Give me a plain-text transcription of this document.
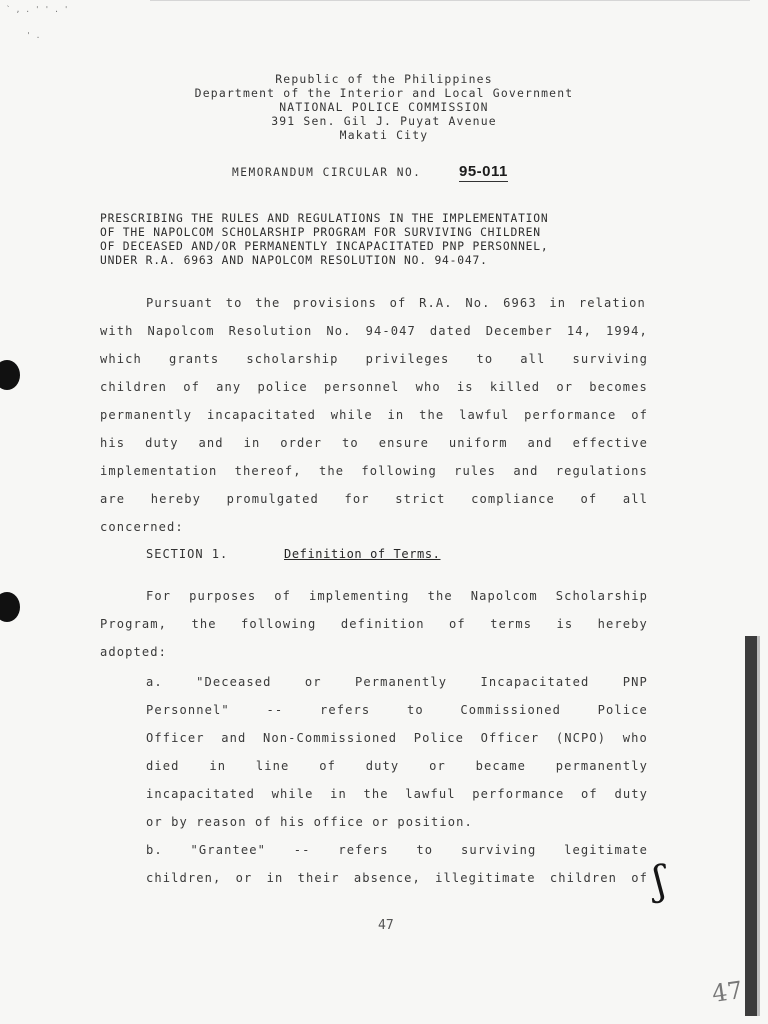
` , . ' ' . '
' .
Republic of the Philippines
Department of the Interior and Local Government
NATIONAL POLICE COMMISSION
391 Sen. Gil J. Puyat Avenue
Makati City
MEMORANDUM CIRCULAR NO.	95-011
PRESCRIBING THE RULES AND REGULATIONS IN THE IMPLEMENTATION
OF THE NAPOLCOM SCHOLARSHIP PROGRAM FOR SURVIVING CHILDREN
OF DECEASED AND/OR PERMANENTLY INCAPACITATED PNP PERSONNEL,
UNDER R.A. 6963 AND NAPOLCOM RESOLUTION NO. 94-047.
Pursuant to the provisions of R.A. No. 6963 in relation
with Napolcom Resolution No. 94-047 dated December 14, 1994,
which grants scholarship privileges to all surviving
children of any police personnel who is killed or becomes
permanently incapacitated while in the lawful performance of
his duty and in order to ensure uniform and effective
implementation thereof, the following rules and regulations
are hereby promulgated for strict compliance of all
concerned:
SECTION 1.	Definition of Terms.
For purposes of implementing the Napolcom Scholarship
Program, the following definition of terms is hereby
adopted:
a.	"Deceased	or	Permanently	Incapacitated	PNP
Personnel"	--	refers	to	Commissioned	Police
Officer and Non-Commissioned Police Officer (NCPO) who
died in line of duty or became permanently
incapacitated while in the lawful performance of duty
or by reason of his office or position.
b. "Grantee" -- refers to surviving legitimate
children, or in their absence, illegitimate children of
47
ʃ
47
